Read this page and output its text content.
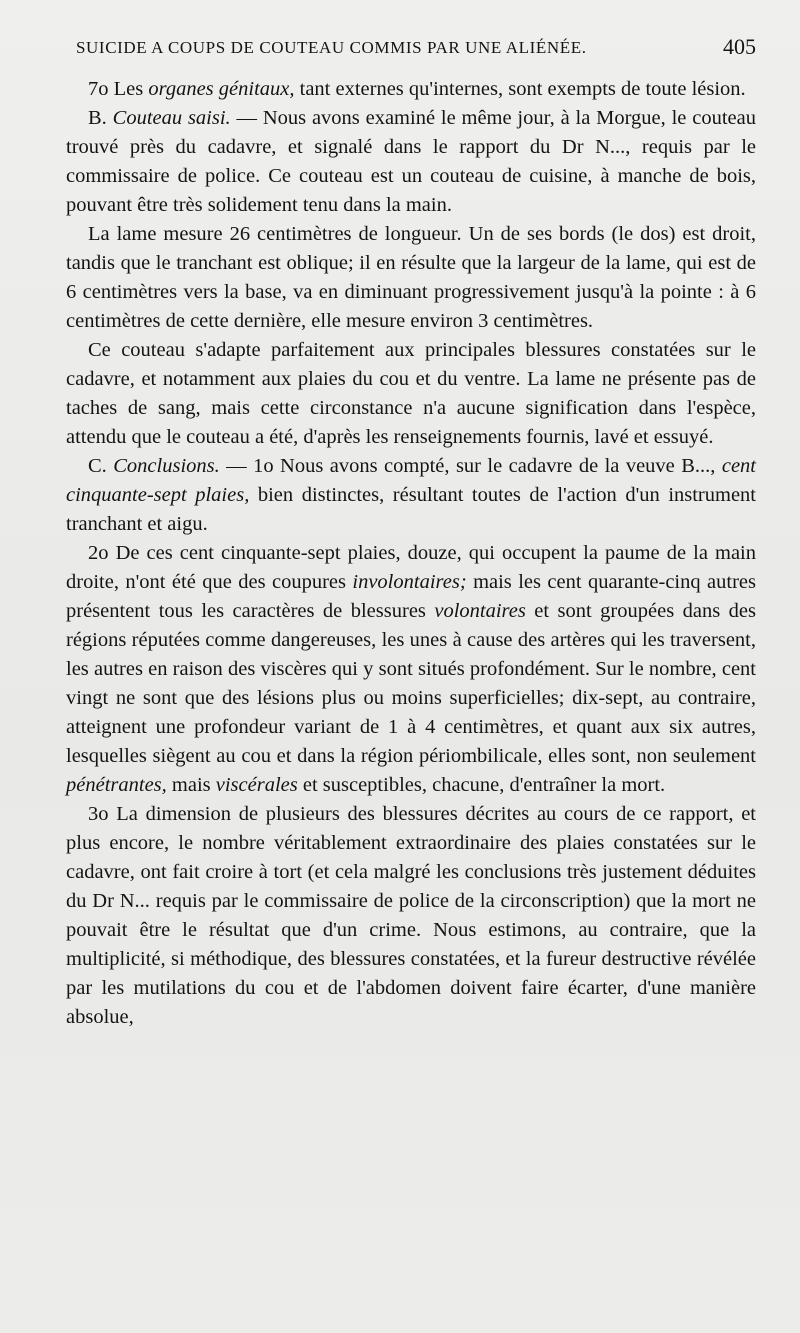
SUICIDE A COUPS DE COUTEAU COMMIS PAR UNE ALIÉNÉE.	405

7o Les organes génitaux, tant externes qu'internes, sont exempts de toute lésion.

B. Couteau saisi. — Nous avons examiné le même jour, à la Morgue, le couteau trouvé près du cadavre, et signalé dans le rapport du Dr N..., requis par le commissaire de police. Ce couteau est un couteau de cuisine, à manche de bois, pouvant être très solidement tenu dans la main.

La lame mesure 26 centimètres de longueur. Un de ses bords (le dos) est droit, tandis que le tranchant est oblique; il en résulte que la largeur de la lame, qui est de 6 centimètres vers la base, va en diminuant progressivement jusqu'à la pointe : à 6 centimètres de cette dernière, elle mesure environ 3 centimètres.

Ce couteau s'adapte parfaitement aux principales blessures constatées sur le cadavre, et notamment aux plaies du cou et du ventre. La lame ne présente pas de taches de sang, mais cette circonstance n'a aucune signification dans l'espèce, attendu que le couteau a été, d'après les renseignements fournis, lavé et essuyé.

C. Conclusions. — 1o Nous avons compté, sur le cadavre de la veuve B..., cent cinquante-sept plaies, bien distinctes, résultant toutes de l'action d'un instrument tranchant et aigu.

2o De ces cent cinquante-sept plaies, douze, qui occupent la paume de la main droite, n'ont été que des coupures involontaires; mais les cent quarante-cinq autres présentent tous les caractères de blessures volontaires et sont groupées dans des régions réputées comme dangereuses, les unes à cause des artères qui les traversent, les autres en raison des viscères qui y sont situés profondément. Sur le nombre, cent vingt ne sont que des lésions plus ou moins superficielles; dix-sept, au contraire, atteignent une profondeur variant de 1 à 4 centimètres, et quant aux six autres, lesquelles siègent au cou et dans la région périombilicale, elles sont, non seulement pénétrantes, mais viscérales et susceptibles, chacune, d'entraîner la mort.

3o La dimension de plusieurs des blessures décrites au cours de ce rapport, et plus encore, le nombre véritablement extraordinaire des plaies constatées sur le cadavre, ont fait croire à tort (et cela malgré les conclusions très justement déduites du Dr N... requis par le commissaire de police de la circonscription) que la mort ne pouvait être le résultat que d'un crime. Nous estimons, au contraire, que la multiplicité, si méthodique, des blessures constatées, et la fureur destructive révélée par les mutilations du cou et de l'abdomen doivent faire écarter, d'une manière absolue,
